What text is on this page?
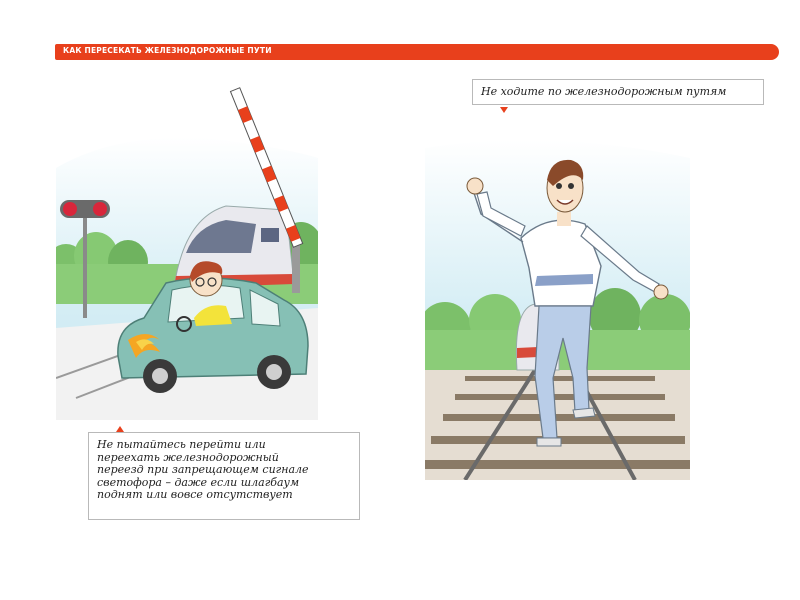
КАК ПЕРЕСЕКАТЬ ЖЕЛЕЗНОДОРОЖНЫЕ ПУТИ
Не пытайтесь перейти или
переехать железнодорожный
переезд при запрещающем сигнале
светофора – даже если шлагбаум
поднят или вовсе отсутствует
Не ходите по железнодорожным путям
